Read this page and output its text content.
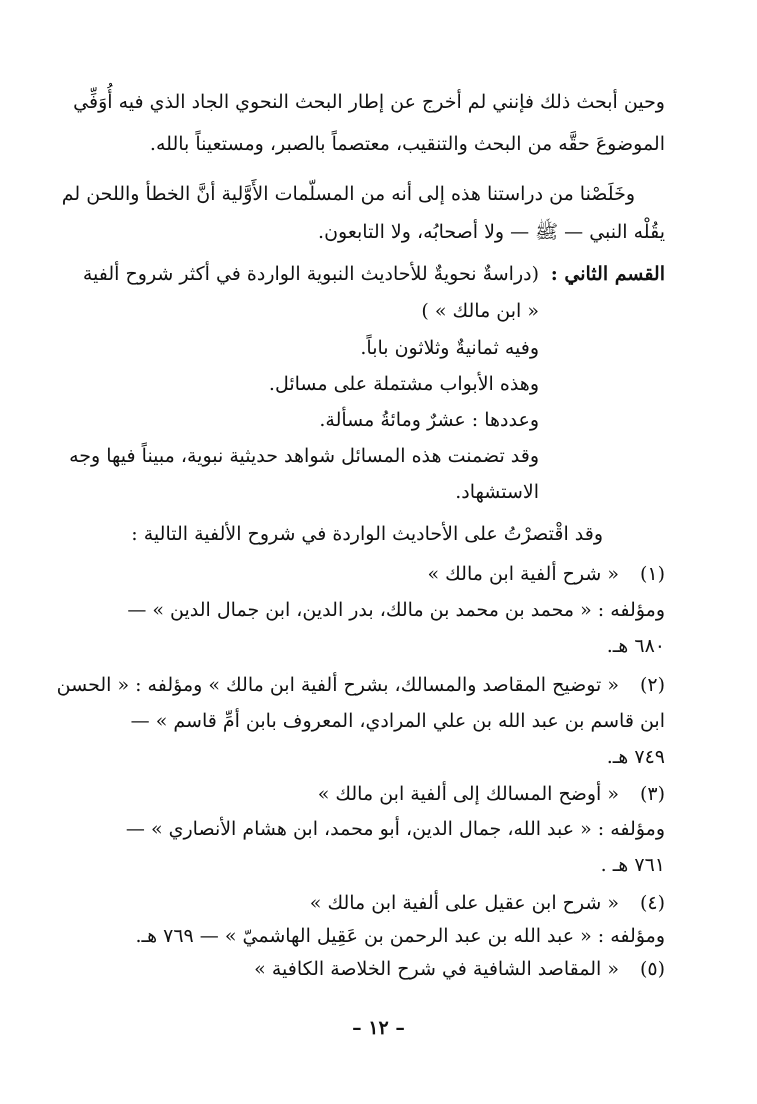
وحين أبحث ذلك فإنني لم أخرج عن إطار البحث النحوي الجاد الذي فيه أُوَفِّي
الموضوعَ حقَّه من البحث والتنقيب، معتصماً بالصبر، ومستعيناً بالله.
وخَلَصْنا من دراستنا هذه إلى أنه من المسلّمات الأَوَّلية أنَّ الخطأ واللحن لم
يقُلْه النبي — ﷺ — ولا أصحابُه، ولا التابعون.
القسم الثاني :
(دراسةٌ نحويةٌ للأحاديث النبوية الواردة في أكثر شروح ألفية
« ابن مالك » )
وفيه ثمانيةٌ وثلاثون باباً.
وهذه الأبواب مشتملة على مسائل.
وعددها : عشرٌ ومائةُ مسألة.
وقد تضمنت هذه المسائل شواهد حديثية نبوية، مبيناً فيها وجه
الاستشهاد.
وقد اقْتصرْتُ على الأحاديث الواردة في شروح الألفية التالية :
(١)
« شرح ألفية ابن مالك »
ومؤلفه : « محمد بن محمد بن مالك، بدر الدين، ابن جمال الدين » —
٦٨٠ هـ.
(٢)
« توضيح المقاصد والمسالك، بشرح ألفية ابن مالك » ومؤلفه : « الحسن
ابن قاسم بن عبد الله بن علي المرادي، المعروف بابن أمِّ قاسم » —
٧٤٩ هـ.
(٣)
« أوضح المسالك إلى ألفية ابن مالك »
ومؤلفه : « عبد الله، جمال الدين، أبو محمد، ابن هشام الأنصاري » —
٧٦١ هـ .
(٤)
« شرح ابن عقيل على ألفية ابن مالك »
ومؤلفه : « عبد الله بن عبد الرحمن بن عَقِيل الهاشميّ » — ٧٦٩ هـ.
(٥)
« المقاصد الشافية في شرح الخلاصة الكافية »
– ١٢ –
